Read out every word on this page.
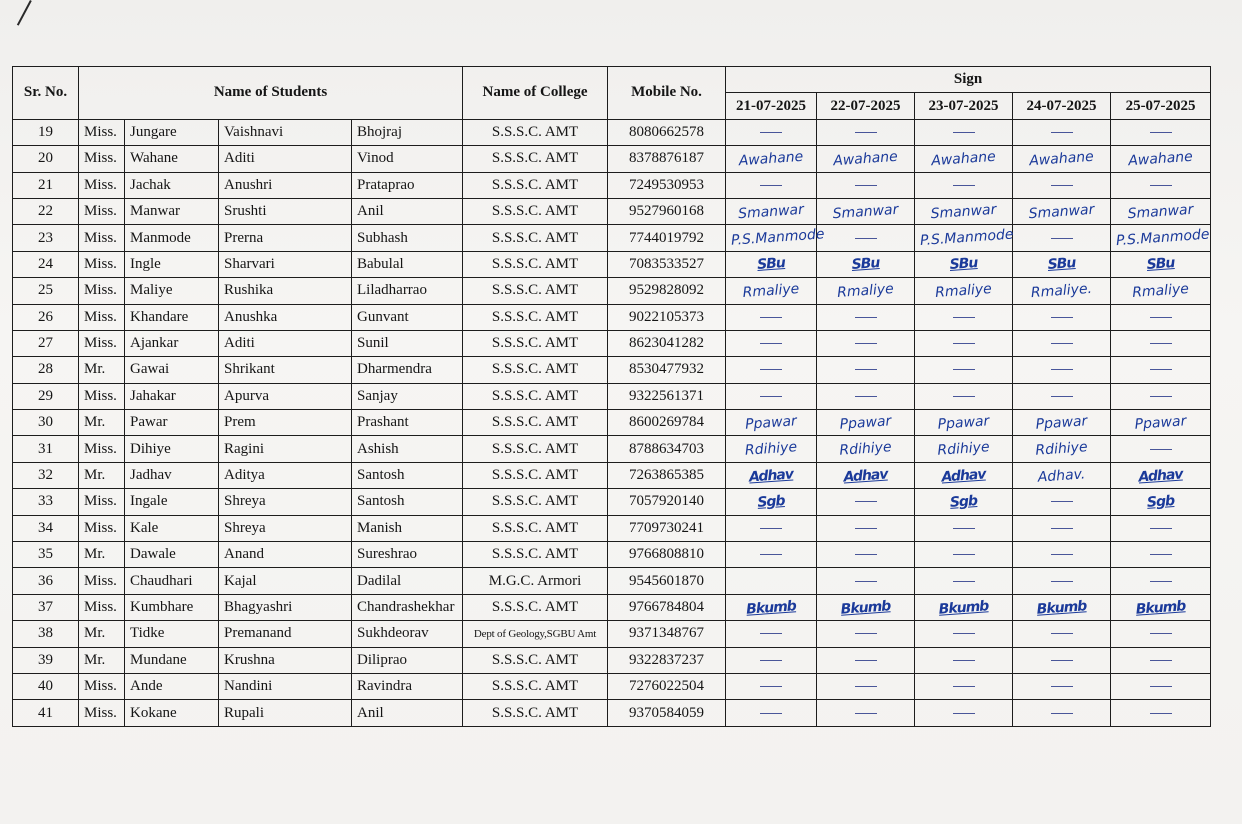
Sr. No.	Name of Students				Name of College	Mobile No.	Sign				
							21-07-2025	22-07-2025	23-07-2025	24-07-2025	25-07-2025
19	Miss.	Jungare	Vaishnavi	Bhojraj	S.S.S.C. AMT	8080662578	

20	Miss.	Wahane	Aditi	Vinod	S.S.S.C. AMT	8378876187	Awahane	Awahane	Awahane	Awahane	Awahane

21	Miss.	Jachak	Anushri	Prataprao	S.S.S.C. AMT	7249530953	

22	Miss.	Manwar	Srushti	Anil	S.S.S.C. AMT	9527960168	Smanwar	Smanwar	Smanwar	Smanwar	Smanwar

23	Miss.	Manmode	Prerna	Subhash	S.S.S.C. AMT	7744019792	P.S.Manmode		P.S.Manmode		P.S.Manmode

24	Miss.	Ingle	Sharvari	Babulal	S.S.S.C. AMT	7083533527	SBu	SBu	SBu	SBu	SBu

25	Miss.	Maliye	Rushika	Liladharrao	S.S.S.C. AMT	9529828092	Rmaliye	Rmaliye	Rmaliye	Rmaliye.	Rmaliye

26	Miss.	Khandare	Anushka	Gunvant	S.S.S.C. AMT	9022105373	

27	Miss.	Ajankar	Aditi	Sunil	S.S.S.C. AMT	8623041282	

28	Mr.	Gawai	Shrikant	Dharmendra	S.S.S.C. AMT	8530477932	

29	Miss.	Jahakar	Apurva	Sanjay	S.S.S.C. AMT	9322561371	

30	Mr.	Pawar	Prem	Prashant	S.S.S.C. AMT	8600269784	Ppawar	Ppawar	Ppawar	Ppawar	Ppawar

31	Miss.	Dihiye	Ragini	Ashish	S.S.S.C. AMT	8788634703	Rdihiye	Rdihiye	Rdihiye	Rdihiye

32	Mr.	Jadhav	Aditya	Santosh	S.S.S.C. AMT	7263865385	Adhav	Adhav	Adhav	Adhav.	Adhav

33	Miss.	Ingale	Shreya	Santosh	S.S.S.C. AMT	7057920140	Sgb		Sgb		Sgb

34	Miss.	Kale	Shreya	Manish	S.S.S.C. AMT	7709730241	

35	Mr.	Dawale	Anand	Sureshrao	S.S.S.C. AMT	9766808810	

36	Miss.	Chaudhari	Kajal	Dadilal	M.G.C. Armori	9545601870		

37	Miss.	Kumbhare	Bhagyashri	Chandrashekhar	S.S.S.C. AMT	9766784804	Bkumb	Bkumb	Bkumb	Bkumb	Bkumb

38	Mr.	Tidke	Premanand	Sukhdeorav	Dept of Geology,SGBU Amt	9371348767	

39	Mr.	Mundane	Krushna	Diliprao	S.S.S.C. AMT	9322837237	

40	Miss.	Ande	Nandini	Ravindra	S.S.S.C. AMT	7276022504	

41	Miss.	Kokane	Rupali	Anil	S.S.S.C. AMT	9370584059	
